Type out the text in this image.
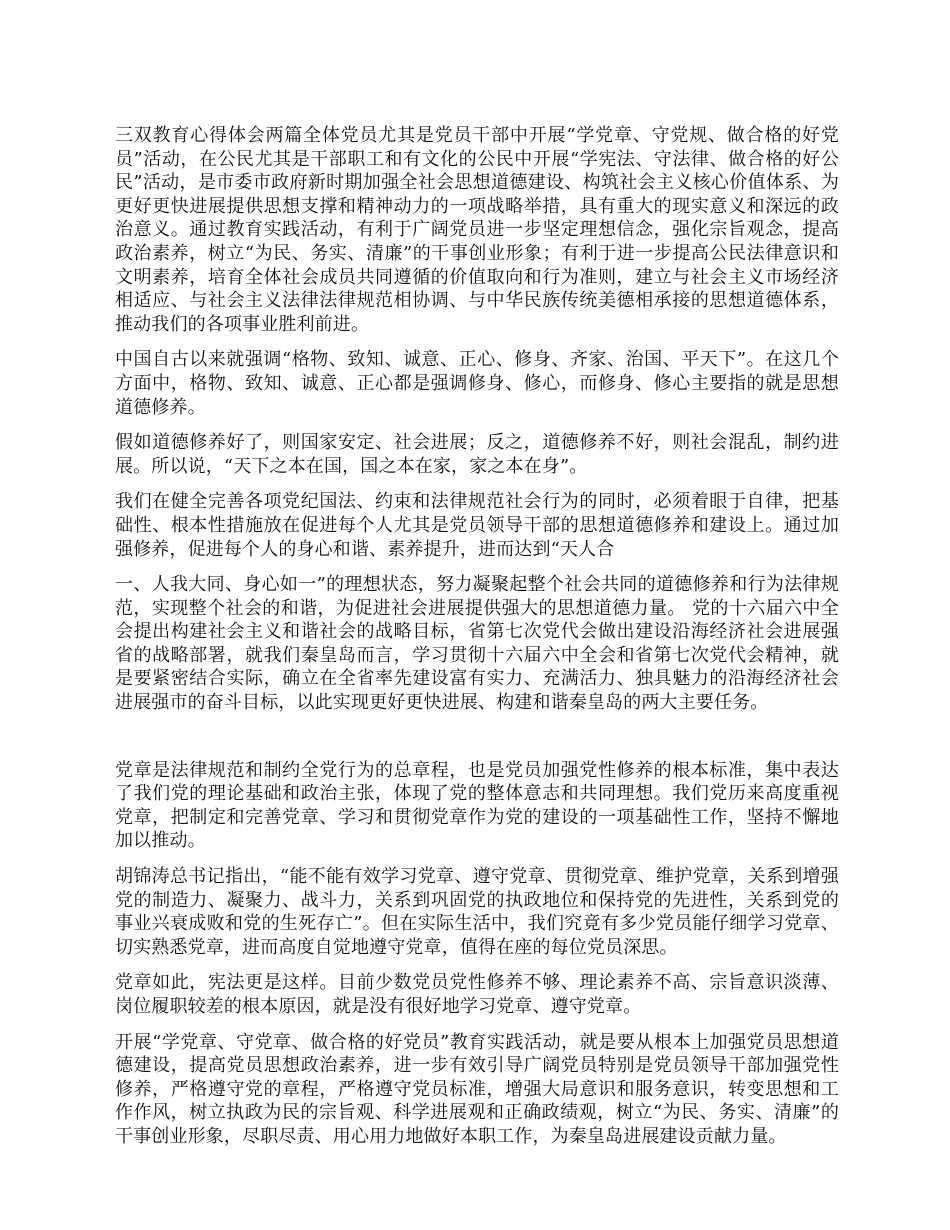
三双教育心得体会两篇全体党员尤其是党员干部中开展“学党章、守党规、做合格的好党员”活动，在公民尤其是干部职工和有文化的公民中开展“学宪法、守法律、做合格的好公民”活动，是市委市政府新时期加强全社会思想道德建设、构筑社会主义核心价值体系、为更好更快进展提供思想支撑和精神动力的一项战略举措，具有重大的现实意义和深远的政治意义。通过教育实践活动，有利于广阔党员进一步坚定理想信念，强化宗旨观念，提高政治素养，树立“为民、务实、清廉”的干事创业形象；有利于进一步提高公民法律意识和文明素养，培育全体社会成员共同遵循的价值取向和行为准则，建立与社会主义市场经济相适应、与社会主义法律法律规范相协调、与中华民族传统美德相承接的思想道德体系，推动我们的各项事业胜利前进。

中国自古以来就强调“格物、致知、诚意、正心、修身、齐家、治国、平天下”。在这几个方面中，格物、致知、诚意、正心都是强调修身、修心，而修身、修心主要指的就是思想道德修养。

假如道德修养好了，则国家安定、社会进展；反之，道德修养不好，则社会混乱，制约进展。所以说，“天下之本在国，国之本在家，家之本在身”。

我们在健全完善各项党纪国法、约束和法律规范社会行为的同时，必须着眼于自律，把基础性、根本性措施放在促进每个人尤其是党员领导干部的思想道德修养和建设上。通过加强修养，促进每个人的身心和谐、素养提升，进而达到“天人合

一、人我大同、身心如一”的理想状态，努力凝聚起整个社会共同的道德修养和行为法律规范，实现整个社会的和谐，为促进社会进展提供强大的思想道德力量。 党的十六届六中全会提出构建社会主义和谐社会的战略目标，省第七次党代会做出建设沿海经济社会进展强省的战略部署，就我们秦皇岛而言，学习贯彻十六届六中全会和省第七次党代会精神，就是要紧密结合实际，确立在全省率先建设富有实力、充满活力、独具魅力的沿海经济社会进展强市的奋斗目标，以此实现更好更快进展、构建和谐秦皇岛的两大主要任务。

党章是法律规范和制约全党行为的总章程，也是党员加强党性修养的根本标准，集中表达了我们党的理论基础和政治主张，体现了党的整体意志和共同理想。我们党历来高度重视党章，把制定和完善党章、学习和贯彻党章作为党的建设的一项基础性工作，坚持不懈地加以推动。

胡锦涛总书记指出，“能不能有效学习党章、遵守党章、贯彻党章、维护党章，关系到增强党的制造力、凝聚力、战斗力，关系到巩固党的执政地位和保持党的先进性，关系到党的事业兴衰成败和党的生死存亡”。但在实际生活中，我们究竟有多少党员能仔细学习党章、切实熟悉党章，进而高度自觉地遵守党章，值得在座的每位党员深思。

党章如此，宪法更是这样。目前少数党员党性修养不够、理论素养不高、宗旨意识淡薄、岗位履职较差的根本原因，就是没有很好地学习党章、遵守党章。

开展“学党章、守党章、做合格的好党员”教育实践活动，就是要从根本上加强党员思想道德建设，提高党员思想政治素养，进一步有效引导广阔党员特别是党员领导干部加强党性修养，严格遵守党的章程，严格遵守党员标准，增强大局意识和服务意识，转变思想和工作作风，树立执政为民的宗旨观、科学进展观和正确政绩观，树立“为民、务实、清廉”的干事创业形象，尽职尽责、用心用力地做好本职工作，为秦皇岛进展建设贡献力量。
